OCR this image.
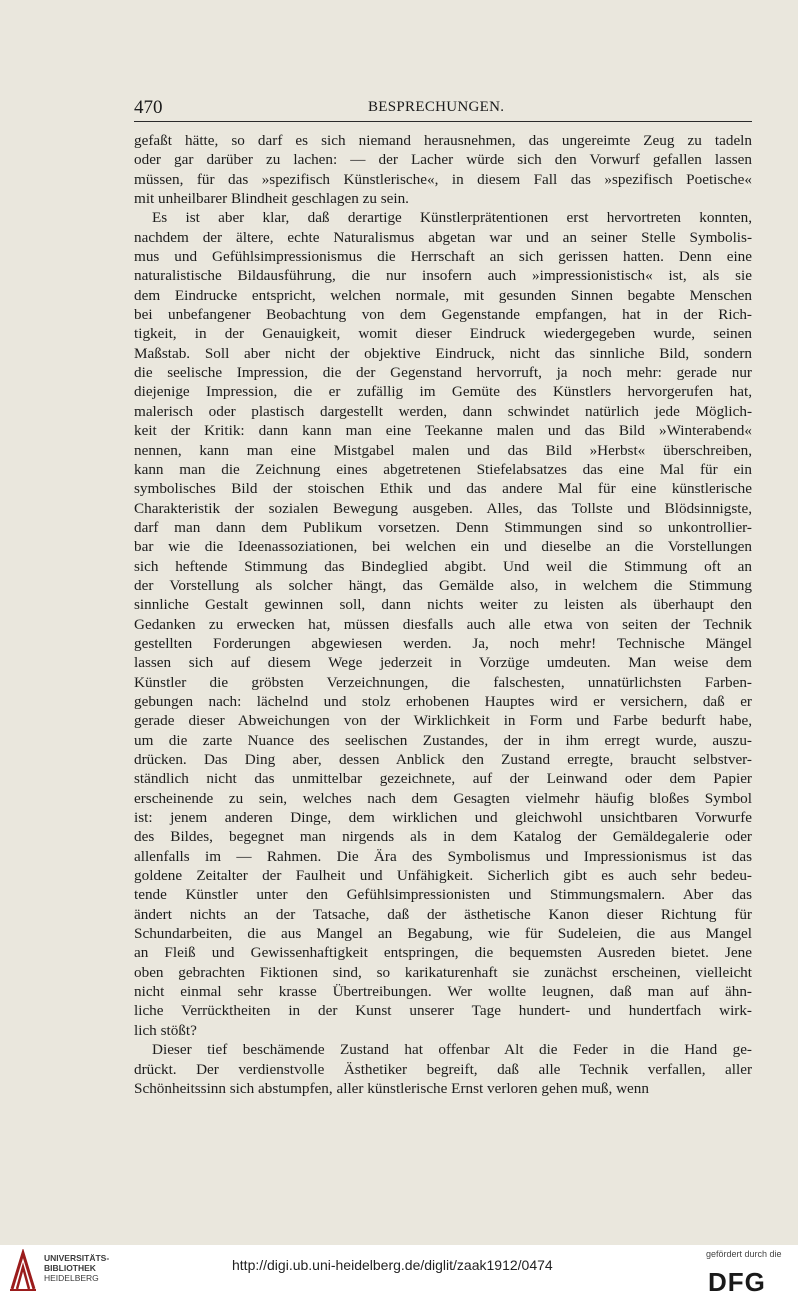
470	BESPRECHUNGEN.
gefaßt hätte, so darf es sich niemand herausnehmen, das ungereimte Zeug zu tadeln
oder gar darüber zu lachen: — der Lacher würde sich den Vorwurf gefallen lassen
müssen, für das »spezifisch Künstlerische«, in diesem Fall das »spezifisch Poetische«
mit unheilbarer Blindheit geschlagen zu sein.
Es ist aber klar, daß derartige Künstlerprätentionen erst hervortreten konnten,
nachdem der ältere, echte Naturalismus abgetan war und an seiner Stelle Symbolis-
mus und Gefühlsimpressionismus die Herrschaft an sich gerissen hatten. Denn eine
naturalistische Bildausführung, die nur insofern auch »impressionistisch« ist, als sie
dem Eindrucke entspricht, welchen normale, mit gesunden Sinnen begabte Menschen
bei unbefangener Beobachtung von dem Gegenstande empfangen, hat in der Rich-
tigkeit, in der Genauigkeit, womit dieser Eindruck wiedergegeben wurde, seinen
Maßstab. Soll aber nicht der objektive Eindruck, nicht das sinnliche Bild, sondern
die seelische Impression, die der Gegenstand hervorruft, ja noch mehr: gerade nur
diejenige Impression, die er zufällig im Gemüte des Künstlers hervorgerufen hat,
malerisch oder plastisch dargestellt werden, dann schwindet natürlich jede Möglich-
keit der Kritik: dann kann man eine Teekanne malen und das Bild »Winterabend«
nennen, kann man eine Mistgabel malen und das Bild »Herbst« überschreiben,
kann man die Zeichnung eines abgetretenen Stiefelabsatzes das eine Mal für ein
symbolisches Bild der stoischen Ethik und das andere Mal für eine künstlerische
Charakteristik der sozialen Bewegung ausgeben. Alles, das Tollste und Blödsinnigste,
darf man dann dem Publikum vorsetzen. Denn Stimmungen sind so unkontrollier-
bar wie die Ideenassoziationen, bei welchen ein und dieselbe an die Vorstellungen
sich heftende Stimmung das Bindeglied abgibt. Und weil die Stimmung oft an
der Vorstellung als solcher hängt, das Gemälde also, in welchem die Stimmung
sinnliche Gestalt gewinnen soll, dann nichts weiter zu leisten als überhaupt den
Gedanken zu erwecken hat, müssen diesfalls auch alle etwa von seiten der Technik
gestellten Forderungen abgewiesen werden. Ja, noch mehr! Technische Mängel
lassen sich auf diesem Wege jederzeit in Vorzüge umdeuten. Man weise dem
Künstler die gröbsten Verzeichnungen, die falschesten, unnatürlichsten Farben-
gebungen nach: lächelnd und stolz erhobenen Hauptes wird er versichern, daß er
gerade dieser Abweichungen von der Wirklichkeit in Form und Farbe bedurft habe,
um die zarte Nuance des seelischen Zustandes, der in ihm erregt wurde, auszu-
drücken. Das Ding aber, dessen Anblick den Zustand erregte, braucht selbstver-
ständlich nicht das unmittelbar gezeichnete, auf der Leinwand oder dem Papier
erscheinende zu sein, welches nach dem Gesagten vielmehr häufig bloßes Symbol
ist: jenem anderen Dinge, dem wirklichen und gleichwohl unsichtbaren Vorwurfe
des Bildes, begegnet man nirgends als in dem Katalog der Gemäldegalerie oder
allenfalls im — Rahmen. Die Ära des Symbolismus und Impressionismus ist das
goldene Zeitalter der Faulheit und Unfähigkeit. Sicherlich gibt es auch sehr bedeu-
tende Künstler unter den Gefühlsimpressionisten und Stimmungsmalern. Aber das
ändert nichts an der Tatsache, daß der ästhetische Kanon dieser Richtung für
Schundarbeiten, die aus Mangel an Begabung, wie für Sudeleien, die aus Mangel
an Fleiß und Gewissenhaftigkeit entspringen, die bequemsten Ausreden bietet. Jene
oben gebrachten Fiktionen sind, so karikaturenhaft sie zunächst erscheinen, vielleicht
nicht einmal sehr krasse Übertreibungen. Wer wollte leugnen, daß man auf ähn-
liche Verrücktheiten in der Kunst unserer Tage hundert- und hundertfach wirk-
lich stößt?
Dieser tief beschämende Zustand hat offenbar Alt die Feder in die Hand ge-
drückt. Der verdienstvolle Ästhetiker begreift, daß alle Technik verfallen, aller
Schönheitssinn sich abstumpfen, aller künstlerische Ernst verloren gehen muß, wenn
UNIVERSITÄTS-
BIBLIOTHEK
HEIDELBERG
http://digi.ub.uni-heidelberg.de/diglit/zaak1912/0474
gefördert durch die
DFG
